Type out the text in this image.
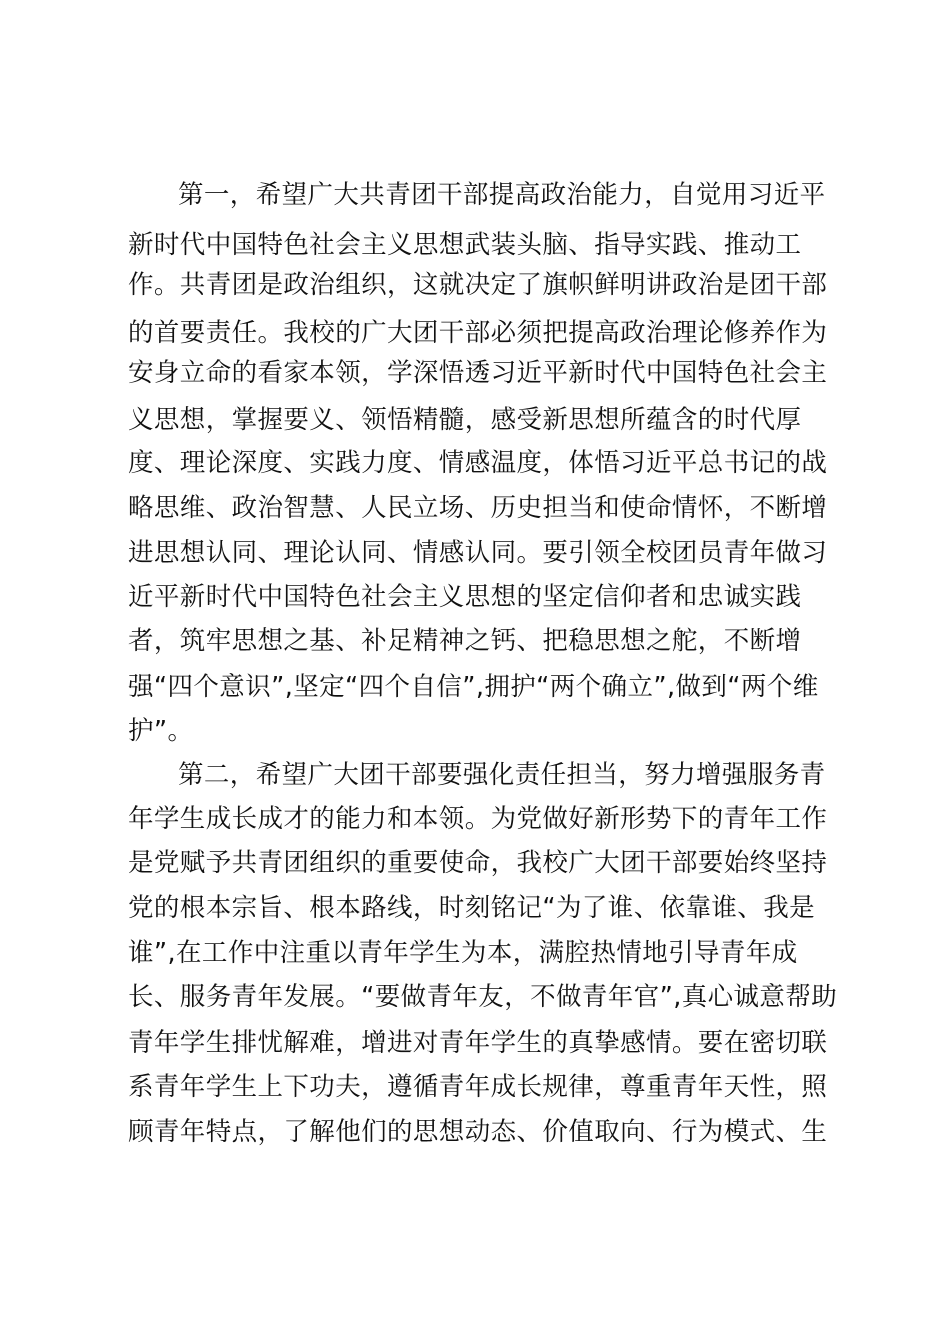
第一，希望广大共青团干部提高政治能力，自觉用习近平
新时代中国特色社会主义思想武装头脑、指导实践、推动工
作。共青团是政治组织，这就决定了旗帜鲜明讲政治是团干部
的首要责任。我校的广大团干部必须把提高政治理论修养作为
安身立命的看家本领，学深悟透习近平新时代中国特色社会主
义思想，掌握要义、领悟精髓，感受新思想所蕴含的时代厚
度、理论深度、实践力度、情感温度，体悟习近平总书记的战
略思维、政治智慧、人民立场、历史担当和使命情怀，不断增
进思想认同、理论认同、情感认同。要引领全校团员青年做习
近平新时代中国特色社会主义思想的坚定信仰者和忠诚实践
者，筑牢思想之基、补足精神之钙、把稳思想之舵，不断增
强“四个意识”,坚定“四个自信”,拥护“两个确立”,做到“两个维
护”。
第二，希望广大团干部要强化责任担当，努力增强服务青
年学生成长成才的能力和本领。为党做好新形势下的青年工作
是党赋予共青团组织的重要使命，我校广大团干部要始终坚持
党的根本宗旨、根本路线，时刻铭记“为了谁、依靠谁、我是
谁”,在工作中注重以青年学生为本，满腔热情地引导青年成
长、服务青年发展。“要做青年友，不做青年官”,真心诚意帮助
青年学生排忧解难，增进对青年学生的真挚感情。要在密切联
系青年学生上下功夫，遵循青年成长规律，尊重青年天性，照
顾青年特点，了解他们的思想动态、价值取向、行为模式、生
